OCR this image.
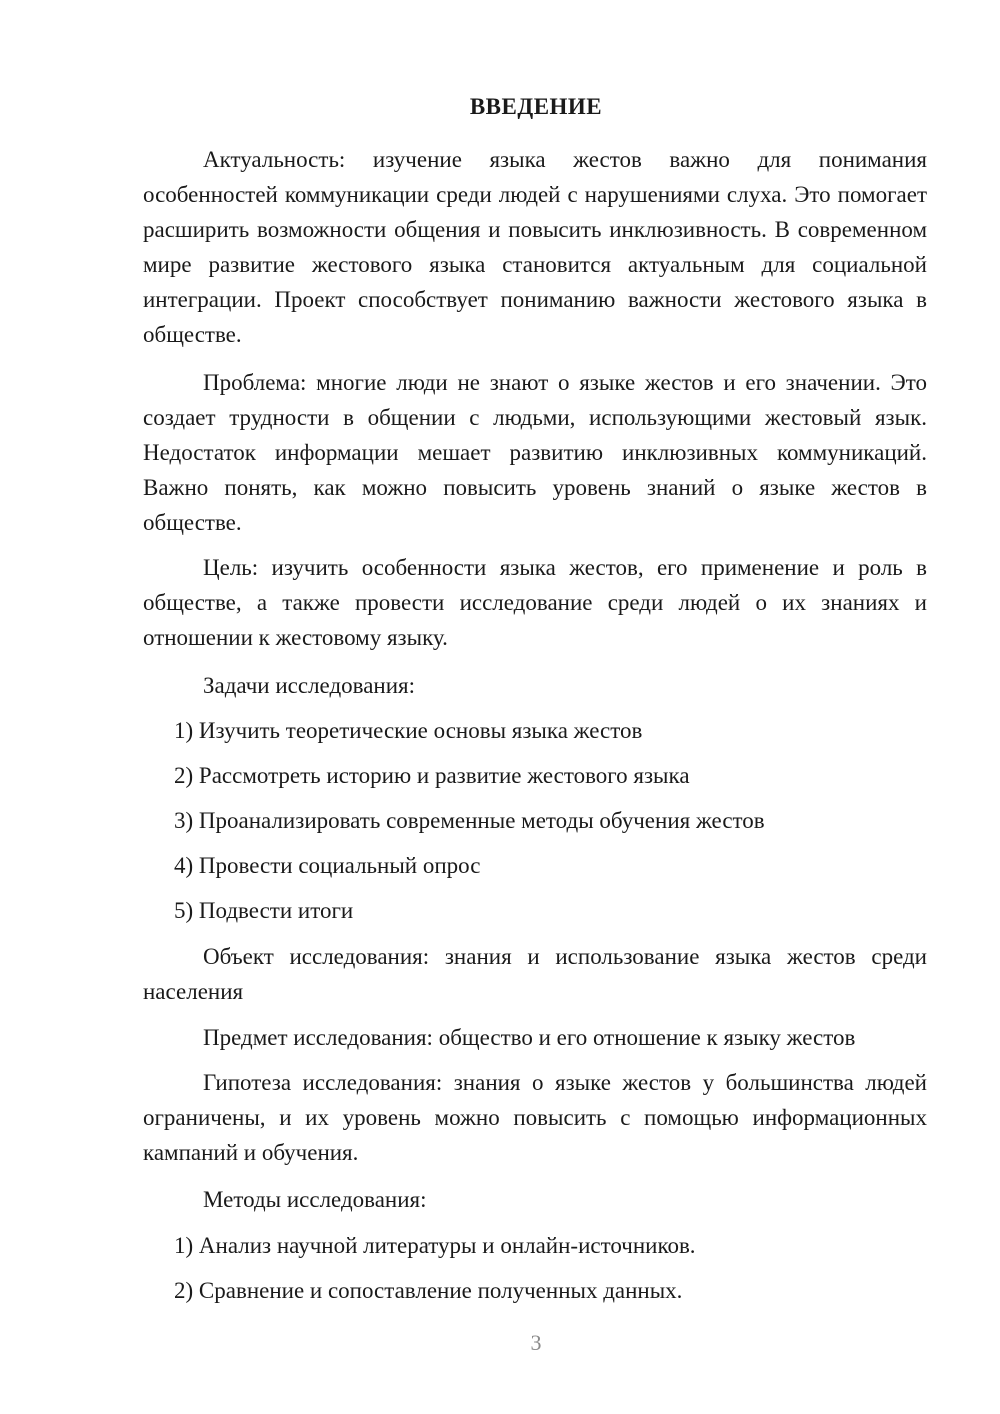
ВВЕДЕНИЕ

Актуальность: изучение языка жестов важно для понимания особенностей коммуникации среди людей с нарушениями слуха. Это помогает расширить возможности общения и повысить инклюзивность. В современном мире развитие жестового языка становится актуальным для социальной интеграции. Проект способствует пониманию важности жестового языка в обществе.

Проблема: многие люди не знают о языке жестов и его значении. Это создает трудности в общении с людьми, использующими жестовый язык. Недостаток информации мешает развитию инклюзивных коммуникаций. Важно понять, как можно повысить уровень знаний о языке жестов в обществе.

Цель: изучить особенности языка жестов, его применение и роль в обществе, а также провести исследование среди людей о их знаниях и отношении к жестовому языку.

Задачи исследования:

1) Изучить теоретические основы языка жестов

2) Рассмотреть историю и развитие жестового языка

3) Проанализировать современные методы обучения жестов

4) Провести социальный опрос

5) Подвести итоги

Объект исследования: знания и использование языка жестов среди населения

Предмет исследования: общество и его отношение к языку жестов

Гипотеза исследования: знания о языке жестов у большинства людей ограничены, и их уровень можно повысить с помощью информационных кампаний и обучения.

Методы исследования:

1) Анализ научной литературы и онлайн-источников.

2) Сравнение и сопоставление полученных данных.

3
